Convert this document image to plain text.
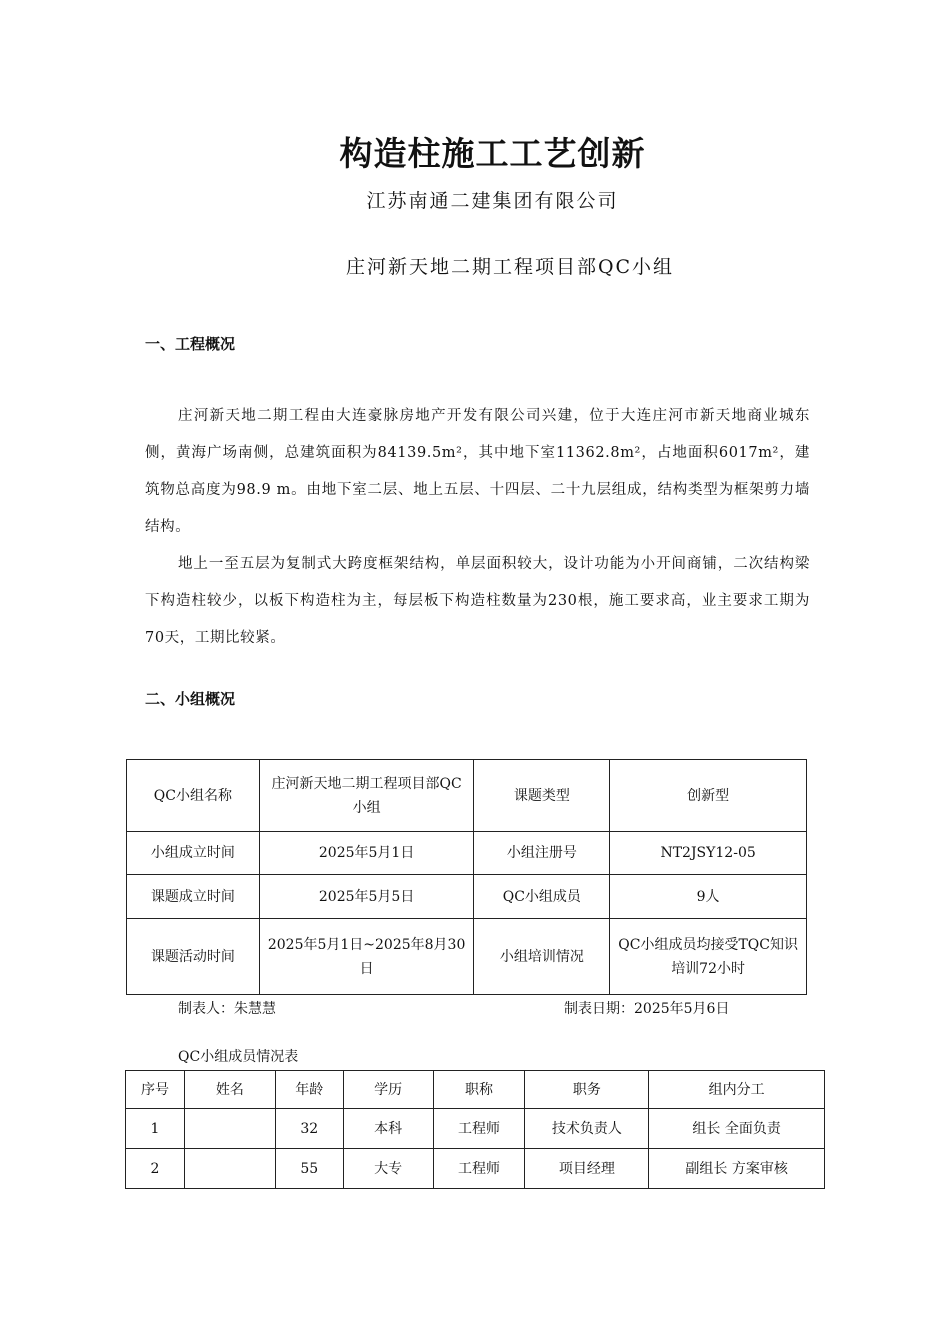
构造柱施工工艺创新
江苏南通二建集团有限公司
庄河新天地二期工程项目部QC小组
一、工程概况
庄河新天地二期工程由大连豪脉房地产开发有限公司兴建，位于大连庄河市新天地商业城东侧，黄海广场南侧，总建筑面积为84139.5m²，其中地下室11362.8m²，占地面积6017m²，建筑物总高度为98.9 m。由地下室二层、地上五层、十四层、二十九层组成，结构类型为框架剪力墙结构。
地上一至五层为复制式大跨度框架结构，单层面积较大，设计功能为小开间商铺，二次结构梁下构造柱较少，以板下构造柱为主，每层板下构造柱数量为230根，施工要求高，业主要求工期为70天，工期比较紧。
二、小组概况
QC小组名称	庄河新天地二期工程项目部QC小组	课题类型	创新型
小组成立时间	2025年5月1日	小组注册号	NT2JSY12-05
课题成立时间	2025年5月5日	QC小组成员	9人
课题活动时间	2025年5月1日~2025年8月30日	小组培训情况	QC小组成员均接受TQC知识培训72小时
制表人：朱慧慧	制表日期：2025年5月6日
QC小组成员情况表
序号	姓名	年龄	学历	职称	职务	组内分工
1		32	本科	工程师	技术负责人	组长 全面负责
2		55	大专	工程师	项目经理	副组长 方案审核
